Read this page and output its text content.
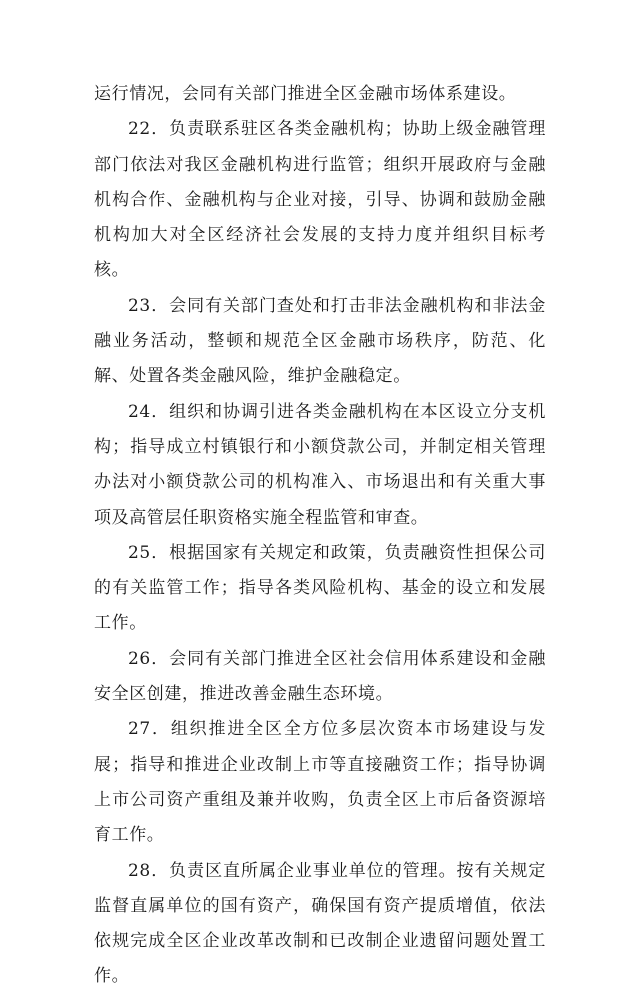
运行情况，会同有关部门推进全区金融市场体系建设。

22．负责联系驻区各类金融机构；协助上级金融管理部门依法对我区金融机构进行监管；组织开展政府与金融机构合作、金融机构与企业对接，引导、协调和鼓励金融机构加大对全区经济社会发展的支持力度并组织目标考核。

23．会同有关部门查处和打击非法金融机构和非法金融业务活动，整顿和规范全区金融市场秩序，防范、化解、处置各类金融风险，维护金融稳定。

24．组织和协调引进各类金融机构在本区设立分支机构；指导成立村镇银行和小额贷款公司，并制定相关管理办法对小额贷款公司的机构准入、市场退出和有关重大事项及高管层任职资格实施全程监管和审查。

25．根据国家有关规定和政策，负责融资性担保公司的有关监管工作；指导各类风险机构、基金的设立和发展工作。

26．会同有关部门推进全区社会信用体系建设和金融安全区创建，推进改善金融生态环境。

27．组织推进全区全方位多层次资本市场建设与发展；指导和推进企业改制上市等直接融资工作；指导协调上市公司资产重组及兼并收购，负责全区上市后备资源培育工作。

28．负责区直所属企业事业单位的管理。按有关规定监督直属单位的国有资产，确保国有资产提质增值，依法依规完成全区企业改革改制和已改制企业遗留问题处置工作。
